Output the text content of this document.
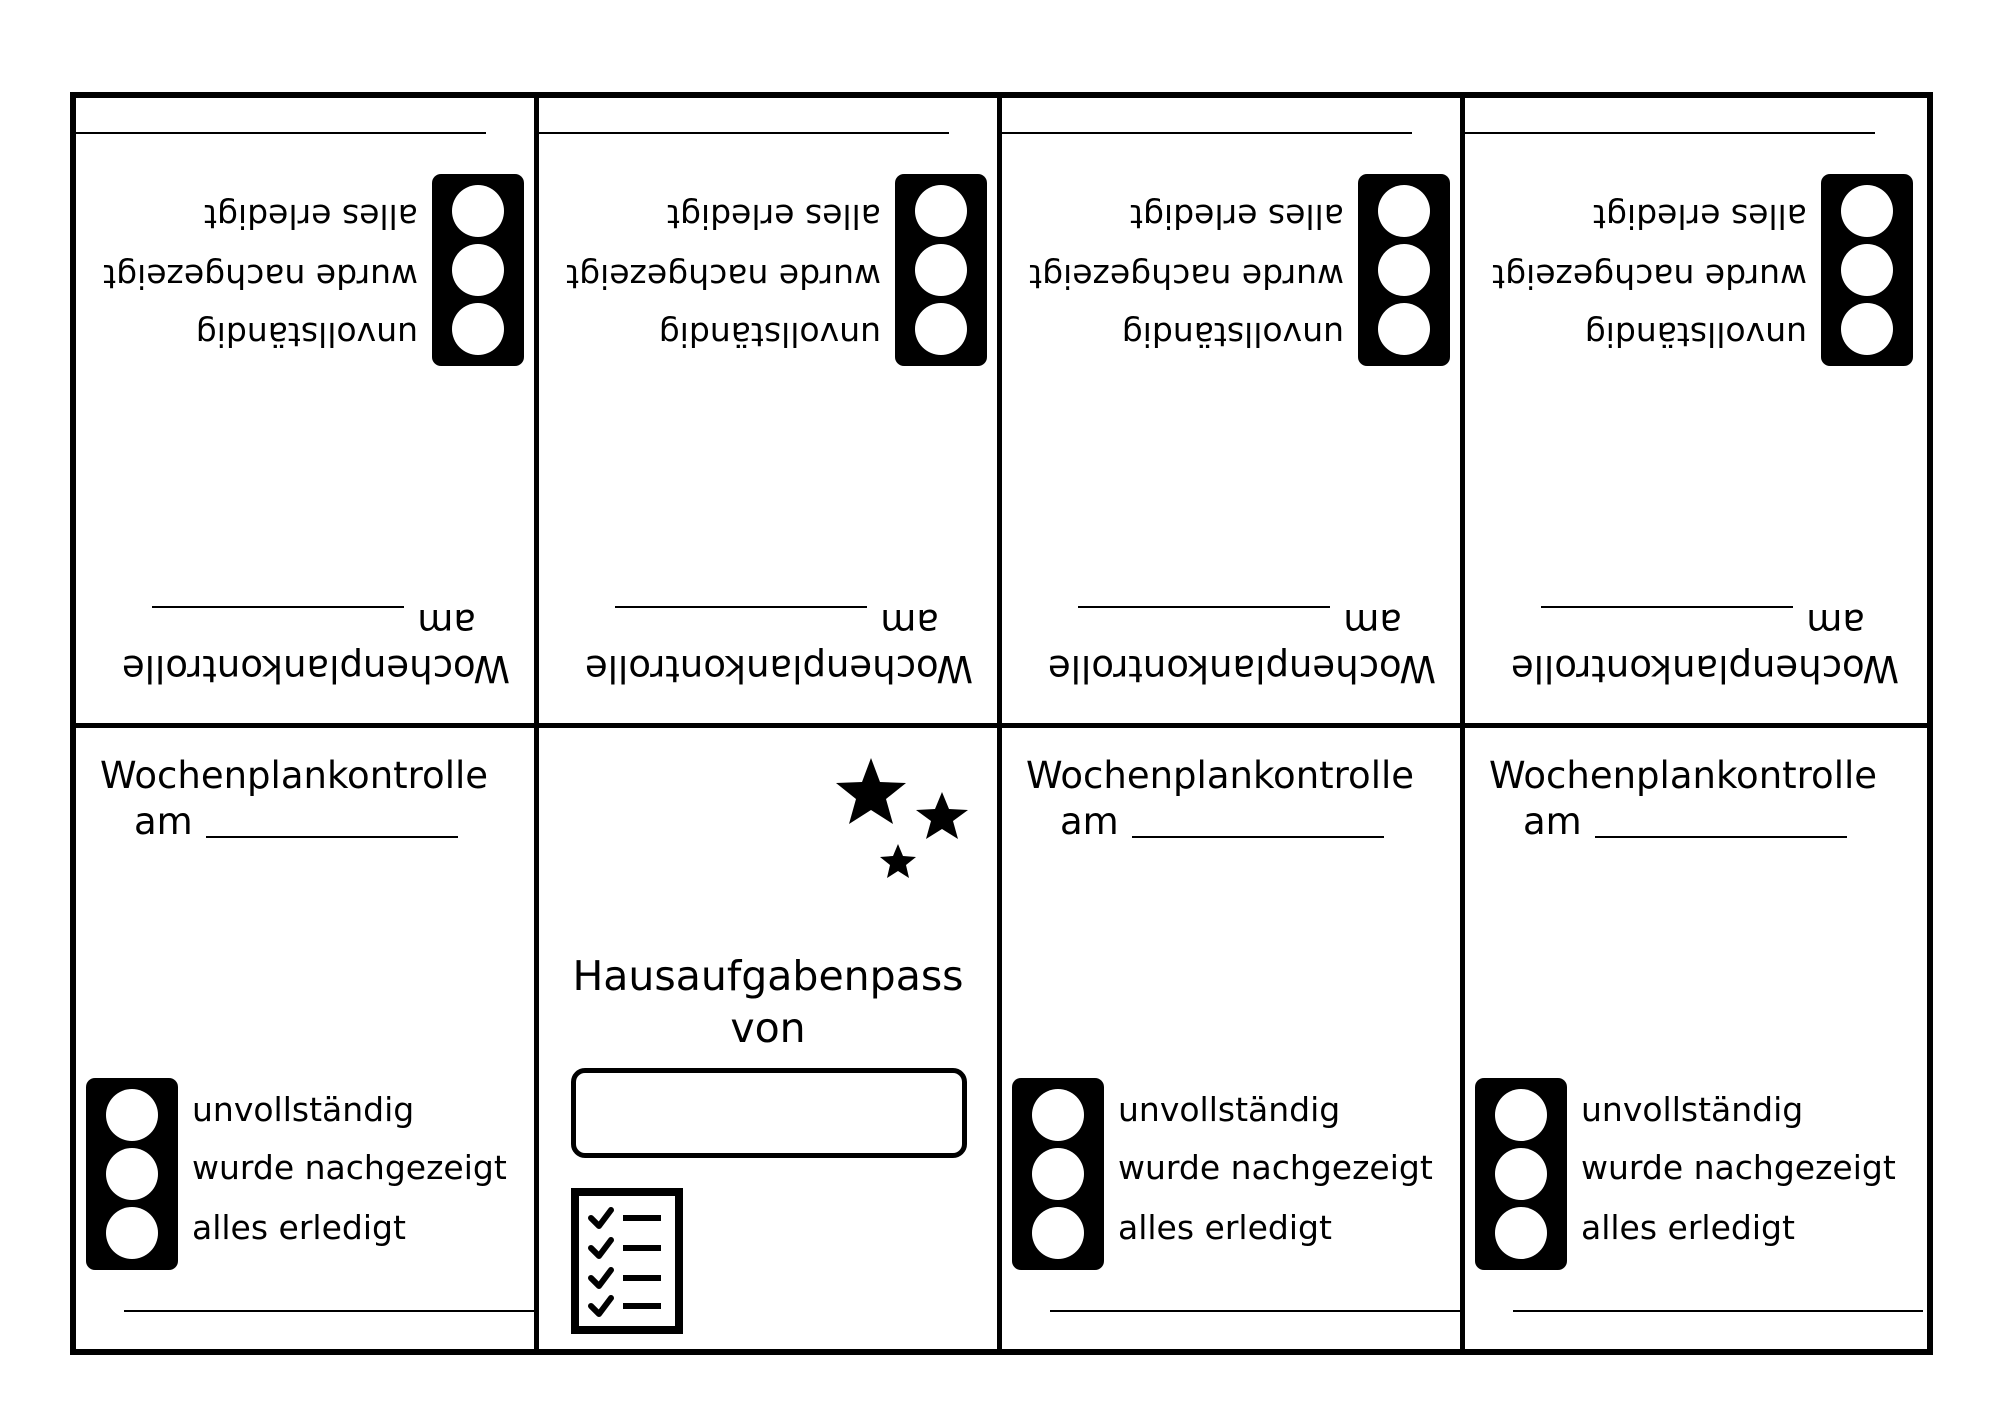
Wochenplankontrolle
am
unvollständig
wurde nachgezeigt
alles erledigt
Wochenplankontrolle
am
unvollständig
wurde nachgezeigt
alles erledigt
Wochenplankontrolle
am
unvollständig
wurde nachgezeigt
alles erledigt
Wochenplankontrolle
am
unvollständig
wurde nachgezeigt
alles erledigt
Wochenplankontrolle
am
unvollständig
wurde nachgezeigt
alles erledigt
Hausaufgabenpass
von
Wochenplankontrolle
am
unvollständig
wurde nachgezeigt
alles erledigt
Wochenplankontrolle
am
unvollständig
wurde nachgezeigt
alles erledigt
